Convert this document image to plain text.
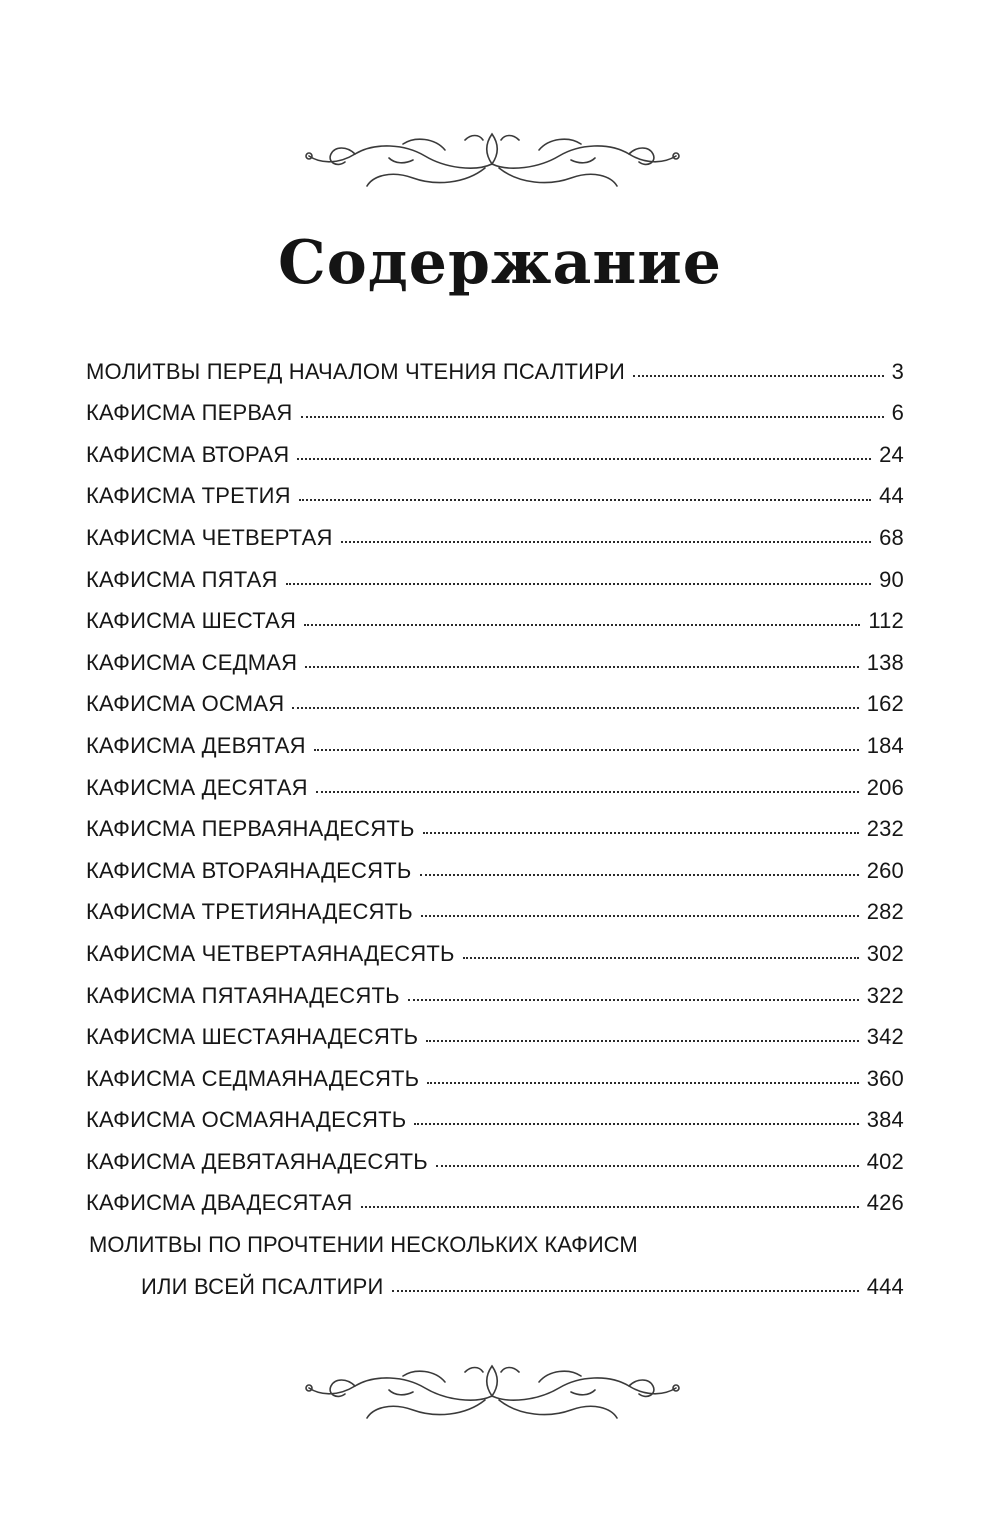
Содержание
МОЛИТВЫ ПЕРЕД НАЧАЛОМ ЧТЕНИЯ ПСАЛТИРИ	3
КАФИСМА ПЕРВАЯ	6
КАФИСМА ВТОРАЯ	24
КАФИСМА ТРЕТИЯ	44
КАФИСМА ЧЕТВЕРТАЯ	68
КАФИСМА ПЯТАЯ	90
КАФИСМА ШЕСТАЯ	112
КАФИСМА СЕДМАЯ	138
КАФИСМА ОСМАЯ	162
КАФИСМА ДЕВЯТАЯ	184
КАФИСМА ДЕСЯТАЯ	206
КАФИСМА ПЕРВАЯНАДЕСЯТЬ	232
КАФИСМА ВТОРАЯНАДЕСЯТЬ	260
КАФИСМА ТРЕТИЯНАДЕСЯТЬ	282
КАФИСМА ЧЕТВЕРТАЯНАДЕСЯТЬ	302
КАФИСМА ПЯТАЯНАДЕСЯТЬ	322
КАФИСМА ШЕСТАЯНАДЕСЯТЬ	342
КАФИСМА СЕДМАЯНАДЕСЯТЬ	360
КАФИСМА ОСМАЯНАДЕСЯТЬ	384
КАФИСМА ДЕВЯТАЯНАДЕСЯТЬ	402
КАФИСМА ДВАДЕСЯТАЯ	426
МОЛИТВЫ ПО ПРОЧТЕНИИ НЕСКОЛЬКИХ КАФИСМ
ИЛИ ВСЕЙ ПСАЛТИРИ	444
